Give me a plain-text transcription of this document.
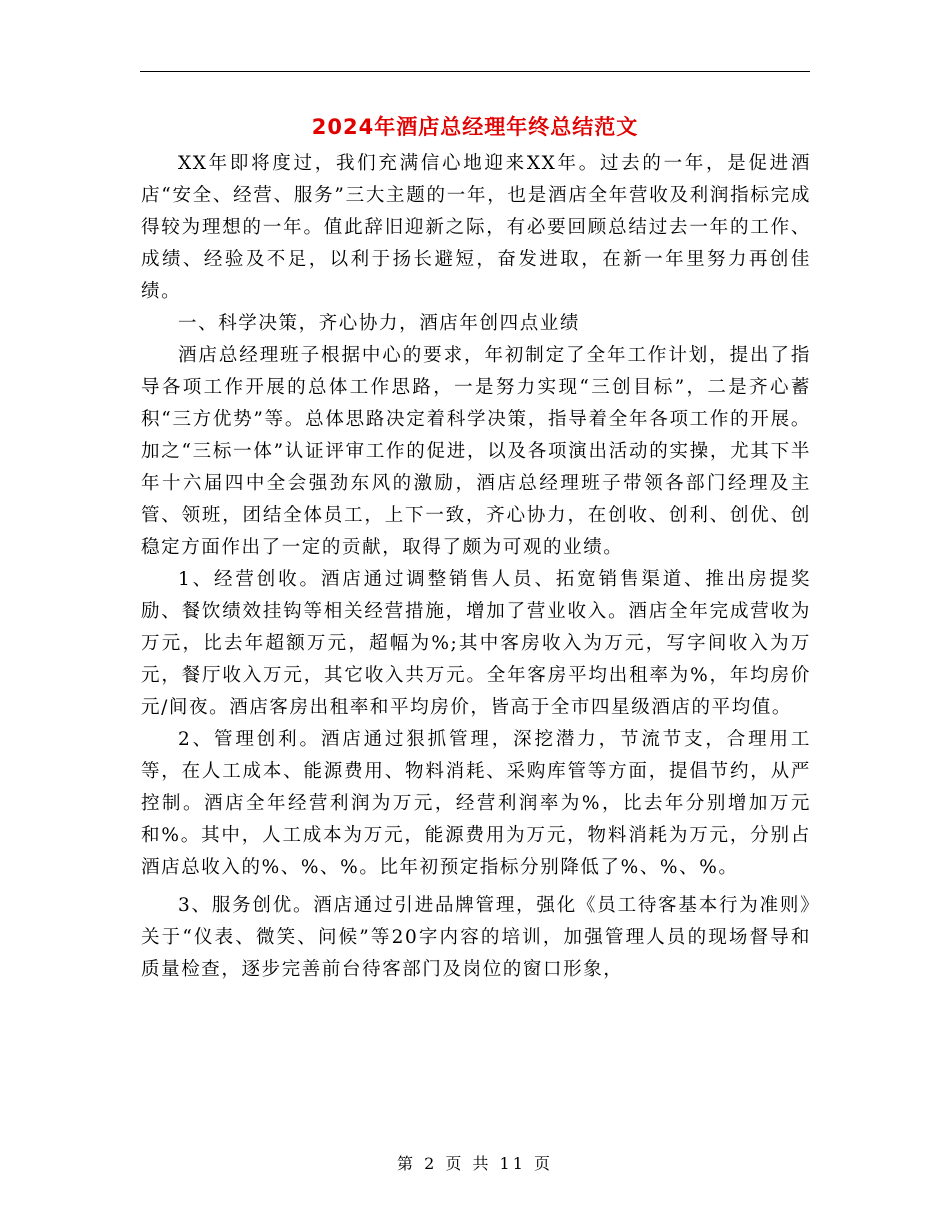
2024年酒店总经理年终总结范文

XX年即将度过，我们充满信心地迎来XX年。过去的一年，是促进酒店“安全、经营、服务”三大主题的一年，也是酒店全年营收及利润指标完成得较为理想的一年。值此辞旧迎新之际，有必要回顾总结过去一年的工作、成绩、经验及不足，以利于扬长避短，奋发进取，在新一年里努力再创佳绩。

一、科学决策，齐心协力，酒店年创四点业绩

酒店总经理班子根据中心的要求，年初制定了全年工作计划，提出了指导各项工作开展的总体工作思路，一是努力实现“三创目标”，二是齐心蓄积“三方优势”等。总体思路决定着科学决策，指导着全年各项工作的开展。加之“三标一体”认证评审工作的促进，以及各项演出活动的实操，尤其下半年十六届四中全会强劲东风的激励，酒店总经理班子带领各部门经理及主管、领班，团结全体员工，上下一致，齐心协力，在创收、创利、创优、创稳定方面作出了一定的贡献，取得了颇为可观的业绩。

1、经营创收。酒店通过调整销售人员、拓宽销售渠道、推出房提奖励、餐饮绩效挂钩等相关经营措施，增加了营业收入。酒店全年完成营收为万元，比去年超额万元，超幅为%;其中客房收入为万元，写字间收入为万元，餐厅收入万元，其它收入共万元。全年客房平均出租率为%，年均房价元/间夜。酒店客房出租率和平均房价，皆高于全市四星级酒店的平均值。

2、管理创利。酒店通过狠抓管理，深挖潜力，节流节支，合理用工等，在人工成本、能源费用、物料消耗、采购库管等方面，提倡节约，从严控制。酒店全年经营利润为万元，经营利润率为%，比去年分别增加万元和%。其中，人工成本为万元，能源费用为万元，物料消耗为万元，分别占酒店总收入的%、%、%。比年初预定指标分别降低了%、%、%。

3、服务创优。酒店通过引进品牌管理，强化《员工待客基本行为准则》关于“仪表、微笑、问候”等20字内容的培训，加强管理人员的现场督导和质量检查，逐步完善前台待客部门及岗位的窗口形象，

第 2 页 共 11 页
